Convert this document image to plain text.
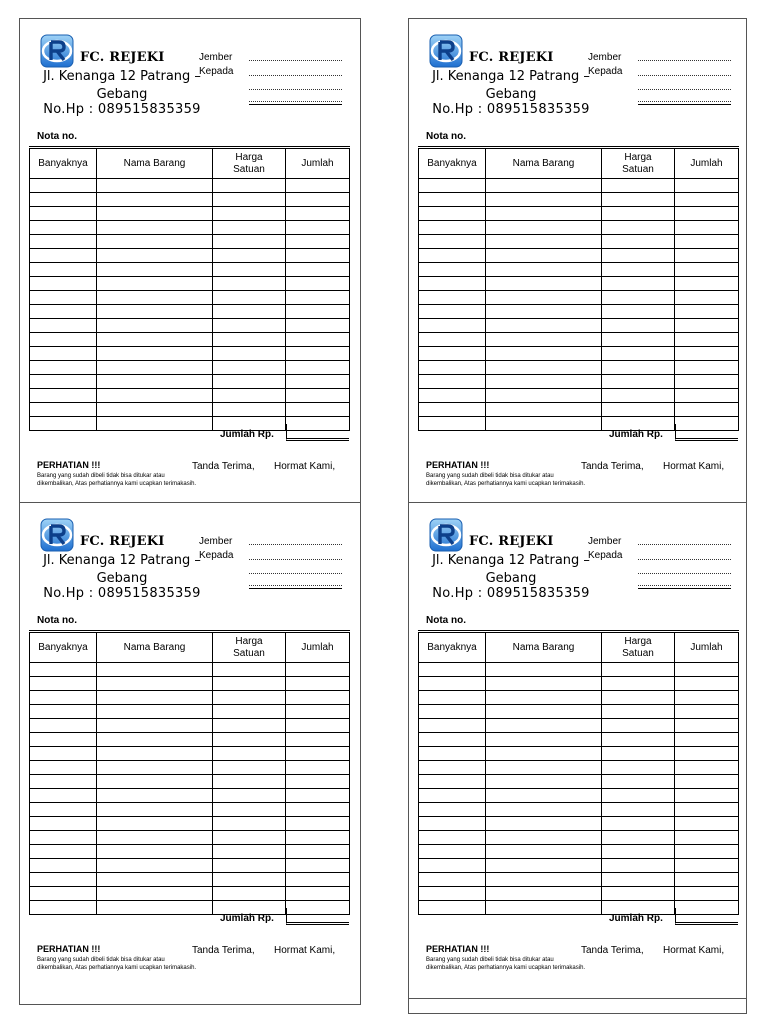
FC. REJEKI
Jl. Kenanga 12 Patrang – Gebang
No.Hp : 089515835359
Jember
Kepada
Nota no.
Banyaknya	Nama Barang	Harga Satuan	Jumlah

Jumlah Rp.
PERHATIAN !!!
Barang yang sudah dibeli tidak bisa ditukar atau dikembalikan, Atas perhatiannya kami ucapkan terimakasih.
Tanda Terima, Hormat Kami,
FC. REJEKI
Jl. Kenanga 12 Patrang – Gebang
No.Hp : 089515835359
Jember
Kepada
Nota no.
Banyaknya	Nama Barang	Harga Satuan	Jumlah

Jumlah Rp.
PERHATIAN !!!
Barang yang sudah dibeli tidak bisa ditukar atau dikembalikan, Atas perhatiannya kami ucapkan terimakasih.
Tanda Terima, Hormat Kami,
FC. REJEKI
Jl. Kenanga 12 Patrang – Gebang
No.Hp : 089515835359
Jember
Kepada
Nota no.
Banyaknya	Nama Barang	Harga Satuan	Jumlah

Jumlah Rp.
PERHATIAN !!!
Barang yang sudah dibeli tidak bisa ditukar atau dikembalikan, Atas perhatiannya kami ucapkan terimakasih.
Tanda Terima, Hormat Kami,
FC. REJEKI
Jl. Kenanga 12 Patrang – Gebang
No.Hp : 089515835359
Jember
Kepada
Nota no.
Banyaknya	Nama Barang	Harga Satuan	Jumlah

Jumlah Rp.
PERHATIAN !!!
Barang yang sudah dibeli tidak bisa ditukar atau dikembalikan, Atas perhatiannya kami ucapkan terimakasih.
Tanda Terima, Hormat Kami,
